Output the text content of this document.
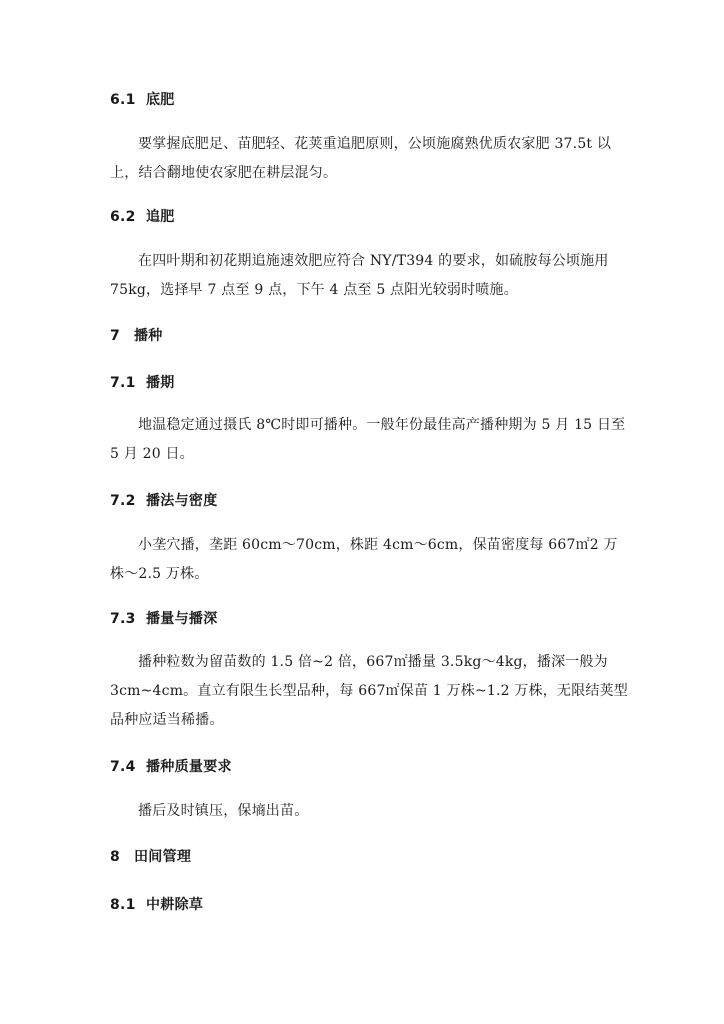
6.1 底肥

要掌握底肥足、苗肥轻、花荚重追肥原则，公顷施腐熟优质农家肥 37.5t 以上，结合翻地使农家肥在耕层混匀。

6.2 追肥

在四叶期和初花期追施速效肥应符合 NY/T394 的要求，如硫胺每公顷施用 75kg，选择早 7 点至 9 点，下午 4 点至 5 点阳光较弱时喷施。

7 播种
7.1 播期

地温稳定通过摄氏 8℃时即可播种。一般年份最佳高产播种期为 5 月 15 日至 5 月 20 日。

7.2 播法与密度

小垄穴播，垄距 60cm～70cm，株距 4cm～6cm，保苗密度每 667㎡2 万株～2.5 万株。

7.3 播量与播深

播种粒数为留苗数的 1.5 倍~2 倍，667㎡播量 3.5kg～4kg，播深一般为 3cm~4cm。直立有限生长型品种，每 667㎡保苗 1 万株~1.2 万株，无限结荚型品种应适当稀播。

7.4 播种质量要求

播后及时镇压，保墒出苗。

8 田间管理
8.1 中耕除草
